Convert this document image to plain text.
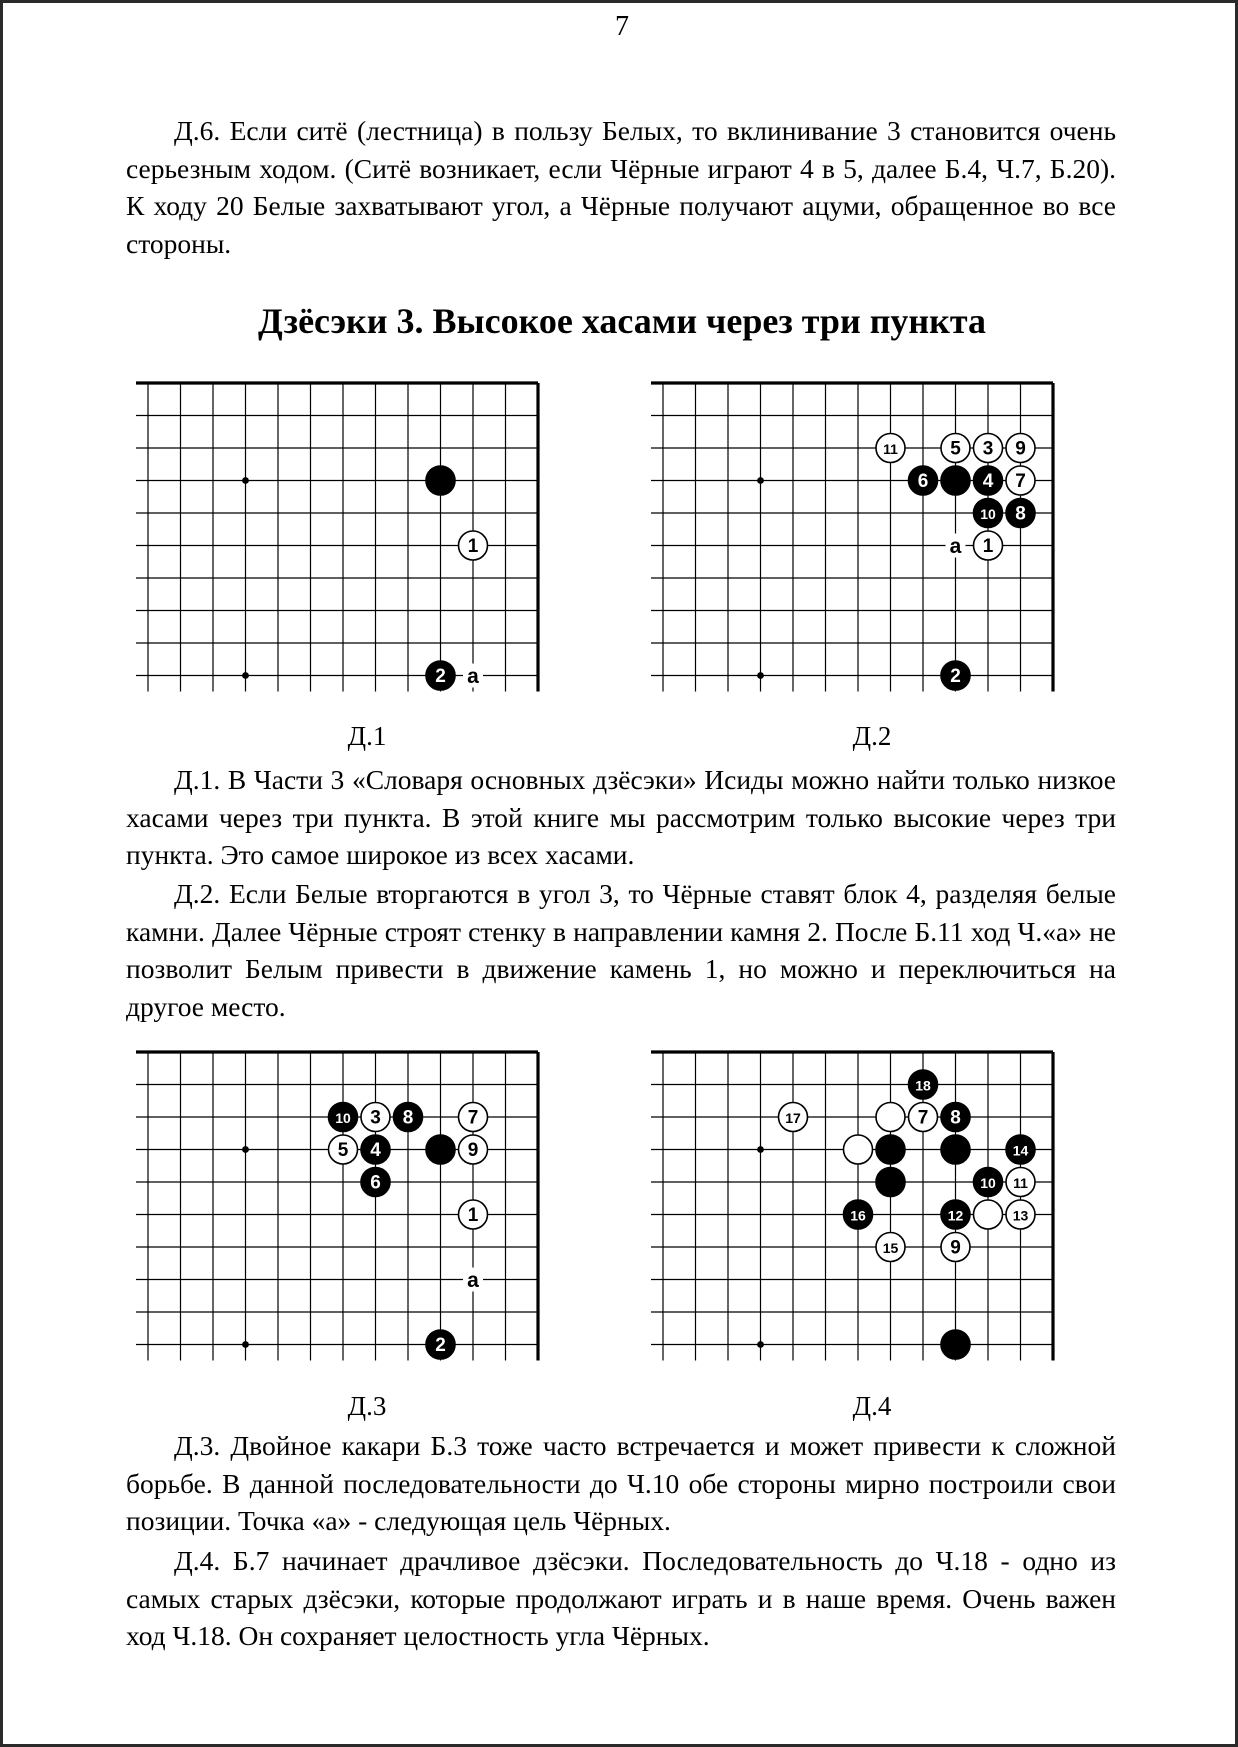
7

Д.6. Если ситё (лестница) в пользу Белых, то вклинивание 3 становится очень серьезным ходом. (Ситё возникает, если Чёрные играют 4 в 5, далее Б.4, Ч.7, Б.20). К ходу 20 Белые захватывают угол, а Чёрные получают ацуми, обращенное во все стороны.

Дзёсэки 3. Высокое хасами через три пункта
a
1
2
Д.1
a 1
2
3
4
5
6	7
8
9
10
11
Д.2

Д.1. В Части 3 «Словаря основных дзёсэки» Исиды можно найти только низкое хасами через три пункта. В этой книге мы рассмотрим только высокие через три пункта. Это самое широкое из всех хасами.

Д.2. Если Белые вторгаются в угол 3, то Чёрные ставят блок 4, разделяя белые камни. Далее Чёрные строят стенку в направлении камня 2. После Б.11 ход Ч.«а» не позволит Белым привести в движение камень 1, но можно и переключиться на другое место.

a
1
2
3
4
5
6
7
8
9
10
Д.3
7 8
9
10 11
12	13
14
15
16
17
18
Д.4

Д.3. Двойное какари Б.3 тоже часто встречается и может привести к сложной борьбе. В данной последовательности до Ч.10 обе стороны мирно построили свои позиции. Точка «а» - следующая цель Чёрных.

Д.4. Б.7 начинает драчливое дзёсэки. Последовательность до Ч.18 - одно из самых старых дзёсэки, которые продолжают играть и в наше время. Очень важен ход Ч.18. Он сохраняет целостность угла Чёрных.
